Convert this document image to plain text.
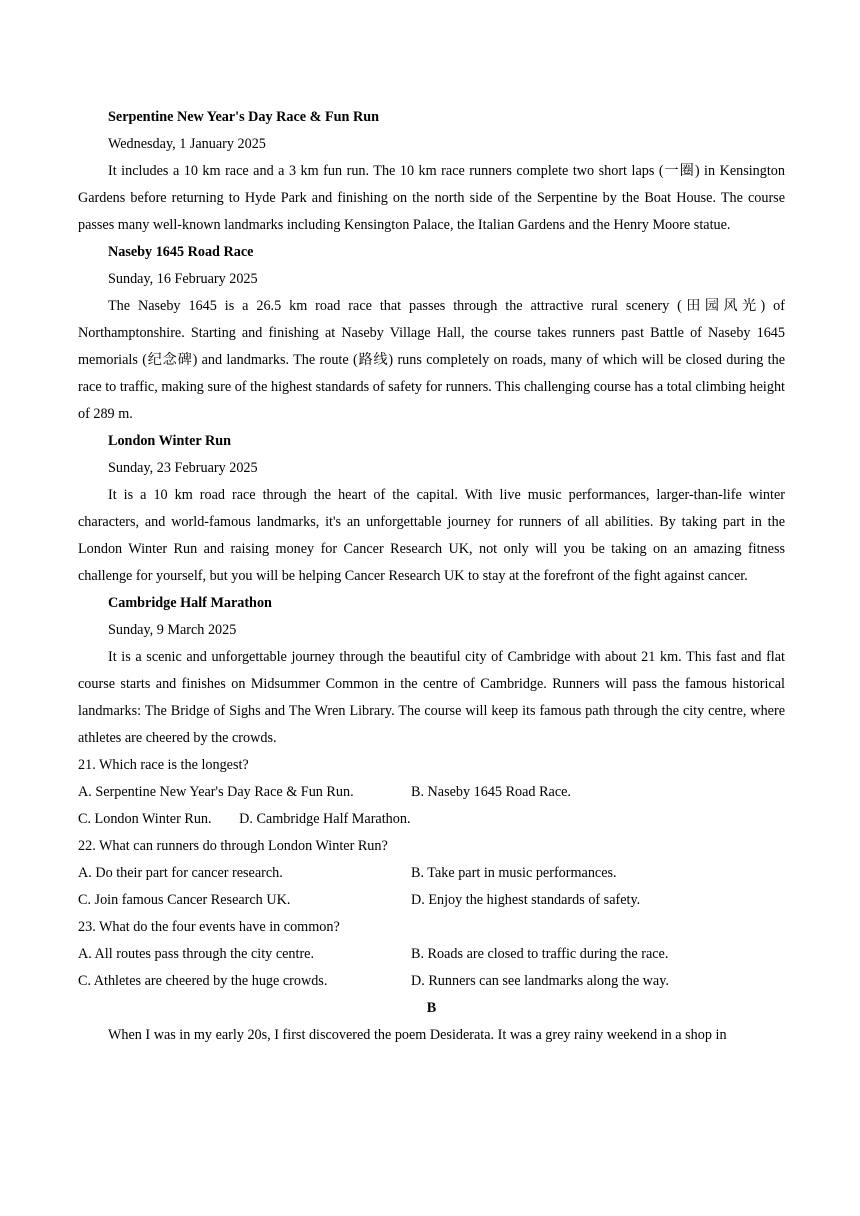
Serpentine New Year's Day Race & Fun Run
Wednesday, 1 January 2025
It includes a 10 km race and a 3 km fun run. The 10 km race runners complete two short laps (一圈) in Kensington Gardens before returning to Hyde Park and finishing on the north side of the Serpentine by the Boat House. The course passes many well-known landmarks including Kensington Palace, the Italian Gardens and the Henry Moore statue.
Naseby 1645 Road Race
Sunday, 16 February 2025
The Naseby 1645 is a 26.5 km road race that passes through the attractive rural scenery (田园风光) of Northamptonshire. Starting and finishing at Naseby Village Hall, the course takes runners past Battle of Naseby 1645 memorials (纪念碑) and landmarks. The route (路线) runs completely on roads, many of which will be closed during the race to traffic, making sure of the highest standards of safety for runners. This challenging course has a total climbing height of 289 m.
London Winter Run
Sunday, 23 February 2025
It is a 10 km road race through the heart of the capital. With live music performances, larger-than-life winter characters, and world-famous landmarks, it's an unforgettable journey for runners of all abilities. By taking part in the London Winter Run and raising money for Cancer Research UK, not only will you be taking on an amazing fitness challenge for yourself, but you will be helping Cancer Research UK to stay at the forefront of the fight against cancer.
Cambridge Half Marathon
Sunday, 9 March 2025
It is a scenic and unforgettable journey through the beautiful city of Cambridge with about 21 km. This fast and flat course starts and finishes on Midsummer Common in the centre of Cambridge. Runners will pass the famous historical landmarks: The Bridge of Sighs and The Wren Library. The course will keep its famous path through the city centre, where athletes are cheered by the crowds.
21. Which race is the longest?
A. Serpentine New Year's Day Race & Fun Run.	B. Naseby 1645 Road Race.
C. London Winter Run. D. Cambridge Half Marathon.
22. What can runners do through London Winter Run?
A. Do their part for cancer research.	B. Take part in music performances.
C. Join famous Cancer Research UK.	D. Enjoy the highest standards of safety.
23. What do the four events have in common?
A. All routes pass through the city centre.	B. Roads are closed to traffic during the race.
C. Athletes are cheered by the huge crowds.	D. Runners can see landmarks along the way.
B
When I was in my early 20s, I first discovered the poem Desiderata. It was a grey rainy weekend in a shop in
